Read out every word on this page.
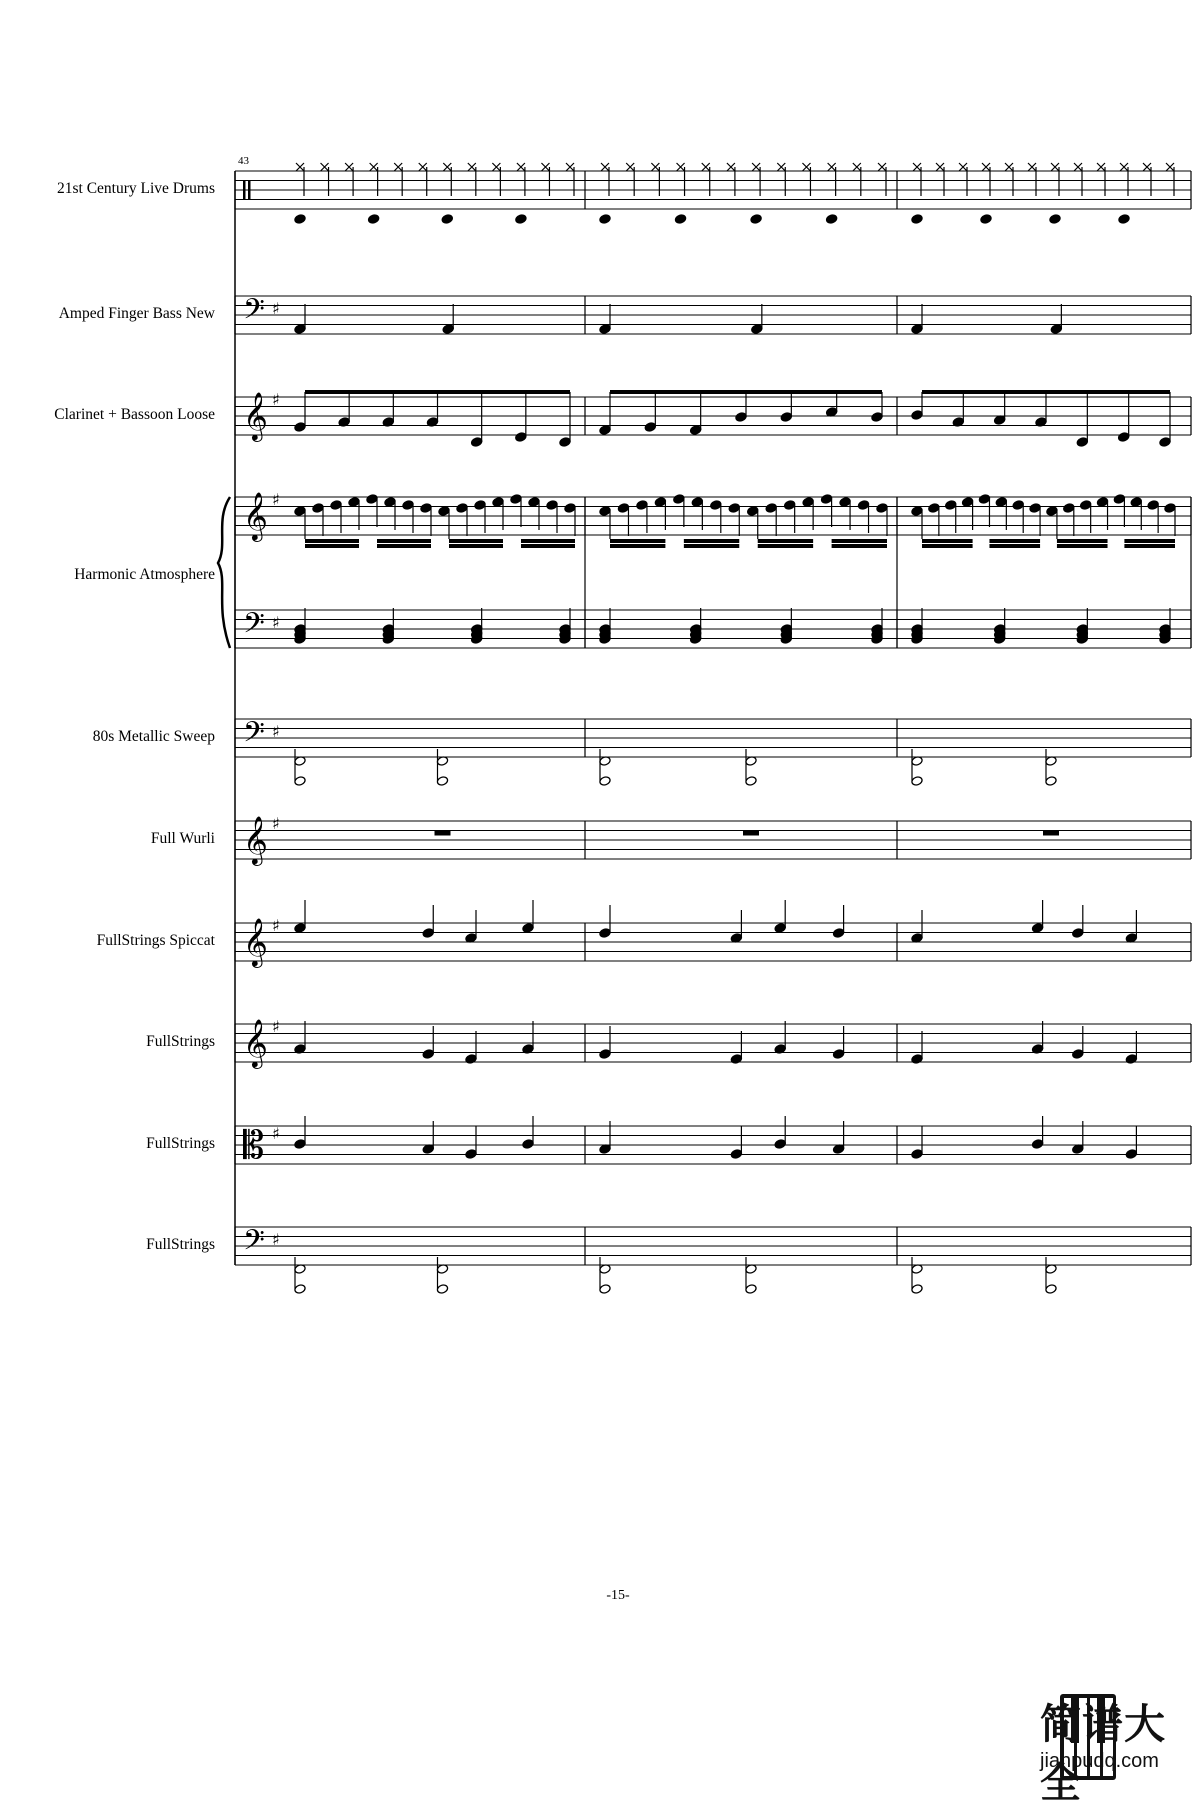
𝄢 ♯
𝄞 ♯
𝄞 ♯
𝄢 ♯
𝄢 ♯
𝄞 ♯
𝄞 ♯
𝄞 ♯
𝄡 ♯
𝄢 ♯
43
21st Century Live Drums
Amped Finger Bass New
Clarinet + Bassoon Loose
Harmonic Atmosphere
80s Metallic Sweep
Full Wurli
FullStrings Spiccat
FullStrings
FullStrings
FullStrings
-15-
简谱大全
jianpudq.com
